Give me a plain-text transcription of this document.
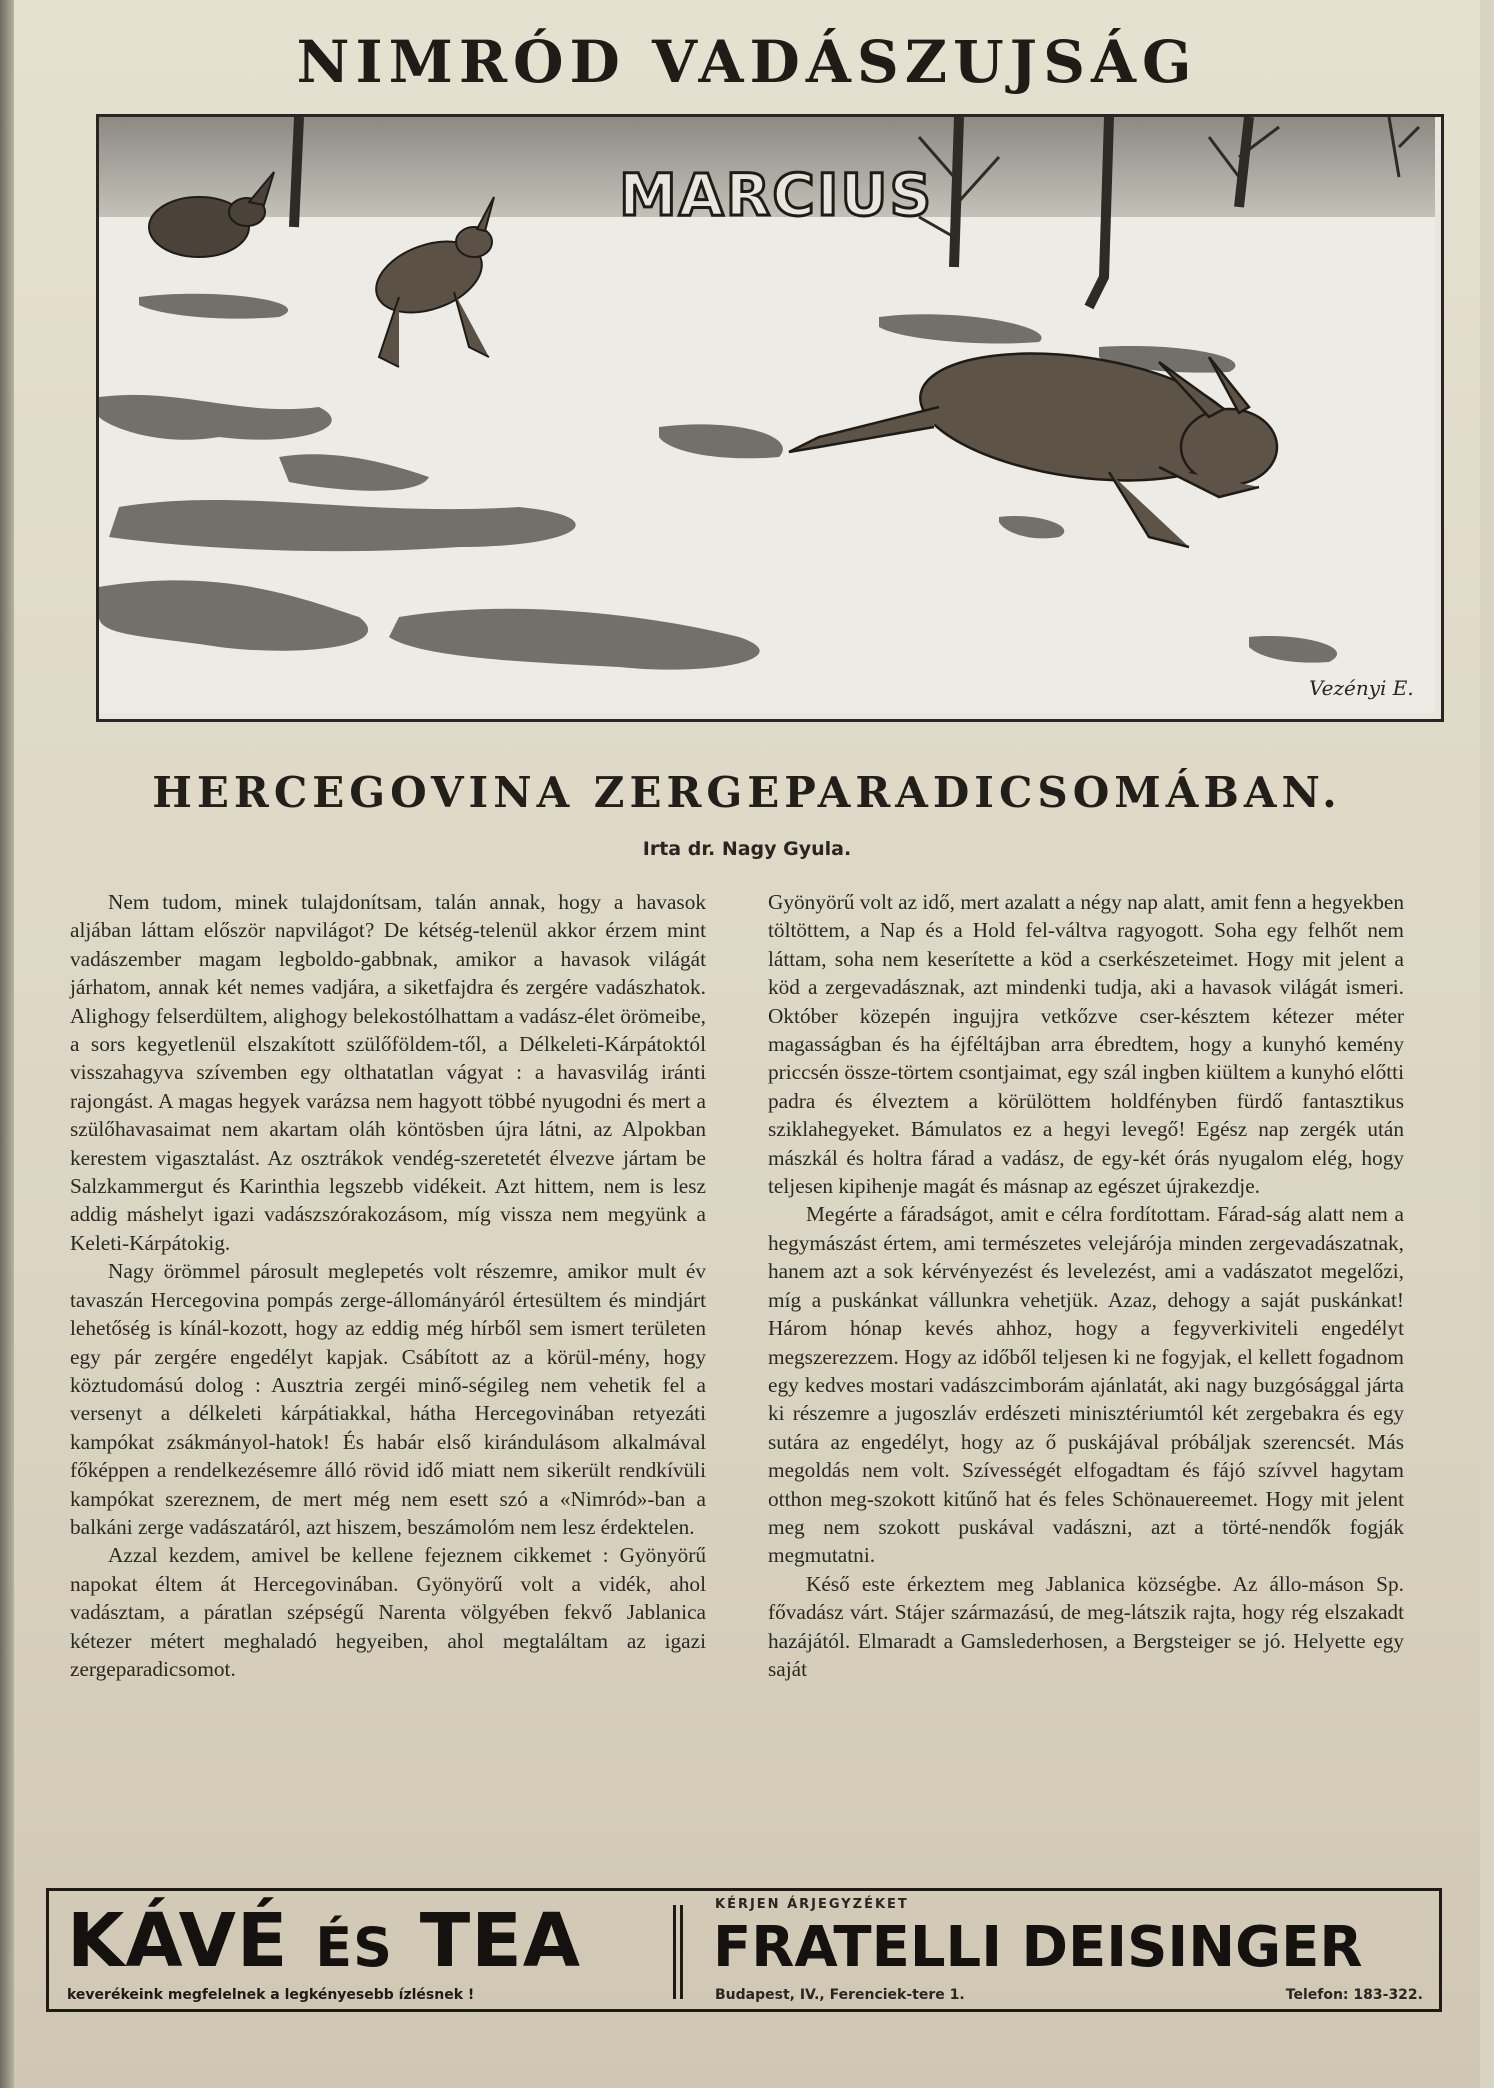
NIMRÓD VADÁSZUJSÁG
MARCIUS
Vezényi E.
HERCEGOVINA ZERGEPARADICSOMÁBAN.
Irta dr. Nagy Gyula.

Nem tudom, minek tulajdonítsam, talán annak, hogy a havasok aljában láttam először napvilágot? De kétség-telenül akkor érzem mint vadászember magam legboldo-gabbnak, amikor a havasok világát járhatom, annak két nemes vadjára, a siketfajdra és zergére vadászhatok. Alighogy felserdültem, alighogy belekostólhattam a vadász-élet örömeibe, a sors kegyetlenül elszakított szülőföldem-től, a Délkeleti-Kárpátoktól visszahagyva szívemben egy olthatatlan vágyat : a havasvilág iránti rajongást. A magas hegyek varázsa nem hagyott többé nyugodni és mert a szülőhavasaimat nem akartam oláh köntösben újra látni, az Alpokban kerestem vigasztalást. Az osztrákok vendég-szeretetét élvezve jártam be Salzkammergut és Karinthia legszebb vidékeit. Azt hittem, nem is lesz addig máshelyt igazi vadászszórakozásom, míg vissza nem megyünk a Keleti-Kárpátokig.

Nagy örömmel párosult meglepetés volt részemre, amikor mult év tavaszán Hercegovina pompás zerge-állományáról értesültem és mindjárt lehetőség is kínál-kozott, hogy az eddig még hírből sem ismert területen egy pár zergére engedélyt kapjak. Csábított az a körül-mény, hogy köztudomású dolog : Ausztria zergéi minő-ségileg nem vehetik fel a versenyt a délkeleti kárpátiakkal, hátha Hercegovinában retyezáti kampókat zsákmányol-hatok! És habár első kirándulásom alkalmával főképpen a rendelkezésemre álló rövid idő miatt nem sikerült rendkívüli kampókat szereznem, de mert még nem esett szó a «Nimród»-ban a balkáni zerge vadászatáról, azt hiszem, beszámolóm nem lesz érdektelen.

Azzal kezdem, amivel be kellene fejeznem cikkemet : Gyönyörű napokat éltem át Hercegovinában. Gyönyörű volt a vidék, ahol vadásztam, a páratlan szépségű Narenta völgyében fekvő Jablanica kétezer métert meghaladó hegyeiben, ahol megtaláltam az igazi zergeparadicsomot.

Gyönyörű volt az idő, mert azalatt a négy nap alatt, amit fenn a hegyekben töltöttem, a Nap és a Hold fel-váltva ragyogott. Soha egy felhőt nem láttam, soha nem keserítette a köd a cserkészeteimet. Hogy mit jelent a köd a zergevadásznak, azt mindenki tudja, aki a havasok világát ismeri. Október közepén ingujjra vetkőzve cser-késztem kétezer méter magasságban és ha éjféltájban arra ébredtem, hogy a kunyhó kemény priccsén össze-törtem csontjaimat, egy szál ingben kiültem a kunyhó előtti padra és élveztem a körülöttem holdfényben fürdő fantasztikus sziklahegyeket. Bámulatos ez a hegyi levegő! Egész nap zergék után mászkál és holtra fárad a vadász, de egy-két órás nyugalom elég, hogy teljesen kipihenje magát és másnap az egészet újrakezdje.

Megérte a fáradságot, amit e célra fordítottam. Fárad-ság alatt nem a hegymászást értem, ami természetes velejárója minden zergevadászatnak, hanem azt a sok kérvényezést és levelezést, ami a vadászatot megelőzi, míg a puskánkat vállunkra vehetjük. Azaz, dehogy a saját puskánkat! Három hónap kevés ahhoz, hogy a fegyverkiviteli engedélyt megszerezzem. Hogy az időből teljesen ki ne fogyjak, el kellett fogadnom egy kedves mostari vadászcimborám ajánlatát, aki nagy buzgósággal járta ki részemre a jugoszláv erdészeti minisztériumtól két zergebakra és egy sutára az engedélyt, hogy az ő puskájával próbáljak szerencsét. Más megoldás nem volt. Szívességét elfogadtam és fájó szívvel hagytam otthon meg-szokott kitűnő hat és feles Schönauereemet. Hogy mit jelent meg nem szokott puskával vadászni, azt a törté-nendők fogják megmutatni.

Késő este érkeztem meg Jablanica községbe. Az állo-máson Sp. fővadász várt. Stájer származású, de meg-látszik rajta, hogy rég elszakadt hazájától. Elmaradt a Gamslederhosen, a Bergsteiger se jó. Helyette egy saját

KÁVÉ ÉS TEA
keverékeink megfelelnek a legkényesebb ízlésnek !
KÉRJEN ÁRJEGYZÉKET
FRATELLI DEISINGER
Budapest, IV., Ferenciek-tere 1.	Telefon: 183-322.
